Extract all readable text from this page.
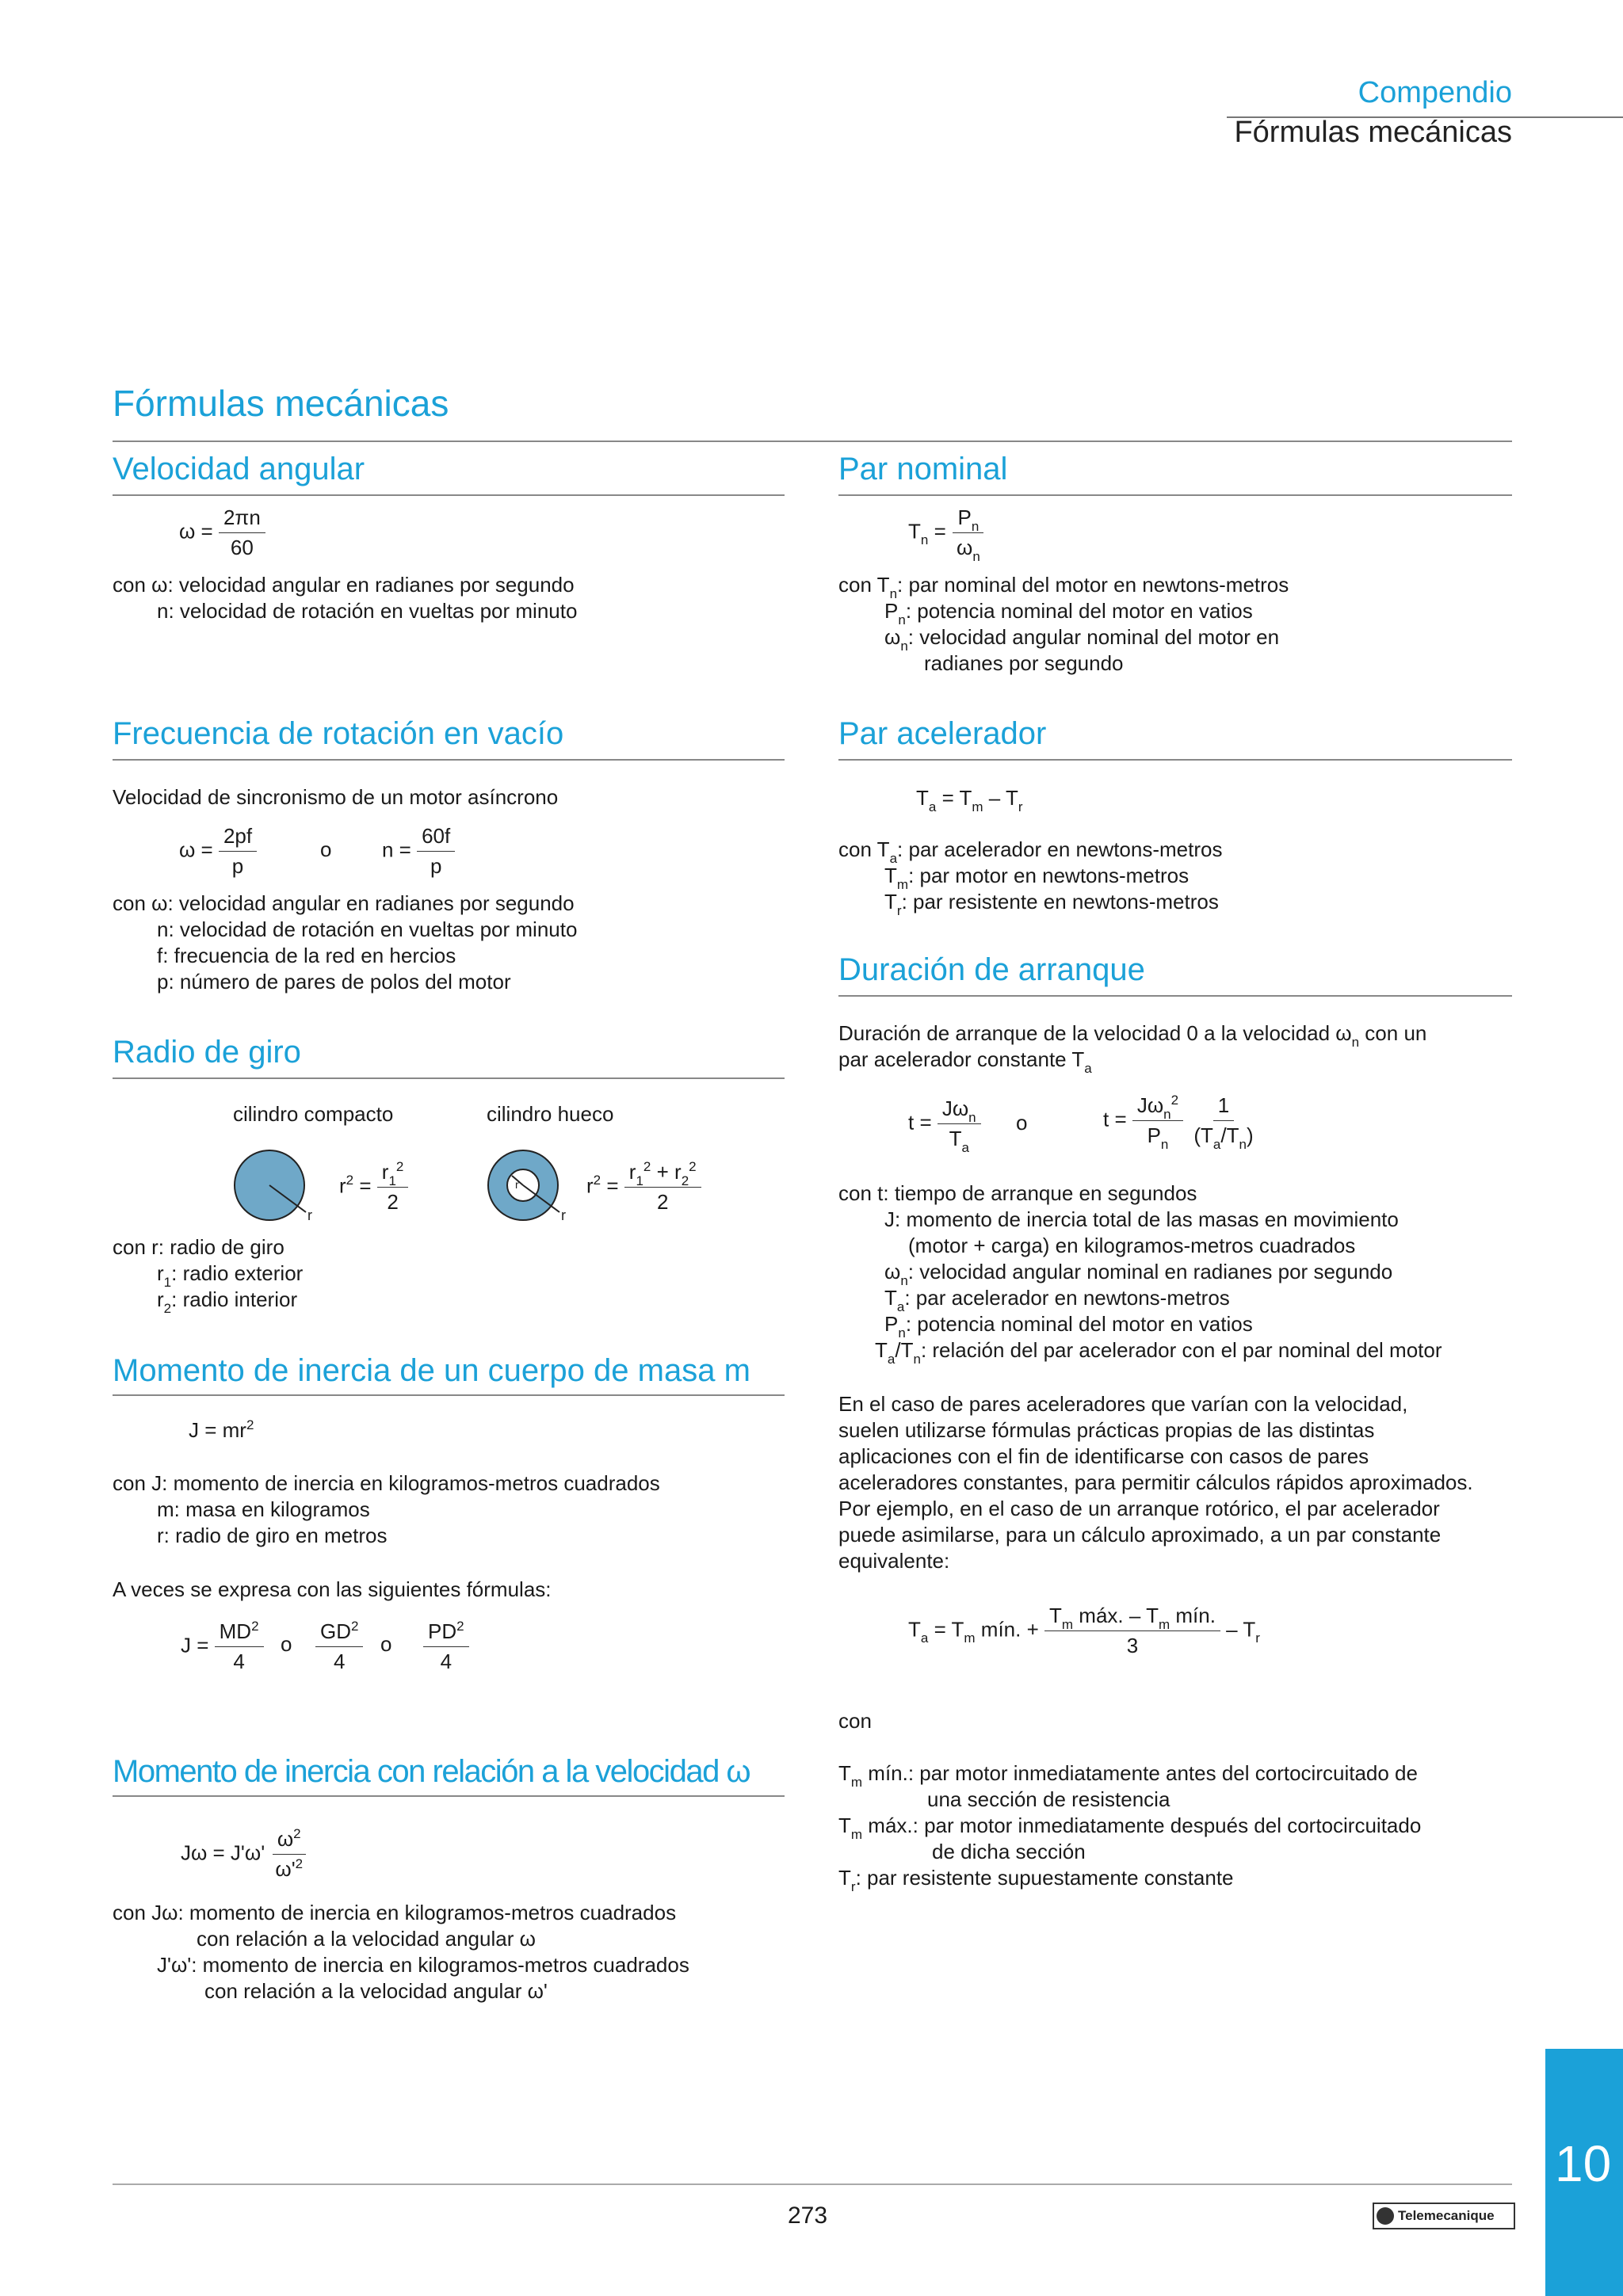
Compendio
Fórmulas mecánicas
Fórmulas mecánicas
Velocidad angular
$\omega = \frac{2\pi n}{60}$
con ω: velocidad angular en radianes por segundo
n: velocidad de rotación en vueltas por minuto
Frecuencia de rotación en vacío
Velocidad de sincronismo de un motor asíncrono
$\omega = \frac{2pf}{p}$	o $n = \frac{60f}{p}$
con ω: velocidad angular en radianes por segundo
n: velocidad de rotación en vueltas por minuto
f: frecuencia de la red en hercios
p: número de pares de polos del motor
Radio de giro
cilindro compacto	cilindro hueco
r
$r^2 = \frac{r_1^2}{2}$
r
r	$r^2 = \frac{r_1^2 + r_2^2}{2}$
con r: radio de giro
$r_1$: radio exterior
$r_2$: radio interior
Momento de inercia de un cuerpo de masa m
$J = mr^2$
con J: momento de inercia en kilogramos-metros cuadrados
m: masa en kilogramos
r: radio de giro en metros
A veces se expresa con las siguientes fórmulas:
$J = \frac{MD^2}{4}$ o $\frac{GD^2}{4}$ o $\frac{PD^2}{4}$
Momento de inercia con relación a la velocidad ω
$J\omega = J'\omega' \frac{\omega^2}{\omega'^2}$
con Jω: momento de inercia en kilogramos-metros cuadrados
con relación a la velocidad angular ω
J'ω': momento de inercia en kilogramos-metros cuadrados
con relación a la velocidad angular ω'
Par nominal
$T_n = \frac{P_n}{\omega_n}$
con $T_n$: par nominal del motor en newtons-metros
$P_n$: potencia nominal del motor en vatios
$\omega_n$: velocidad angular nominal del motor en
radianes por segundo
Par acelerador
$T_a = T_m - T_r$
con $T_a$: par acelerador en newtons-metros
$T_m$: par motor en newtons-metros
$T_r$: par resistente en newtons-metros
Duración de arranque
Duración de arranque de la velocidad 0 a la velocidad $\omega_n$ con un
par acelerador constante $T_a$
$t = \frac{J\omega_n}{T_a}$ o	$t = \frac{J\omega_n^2}{P_n}$
$\frac{1}{(T_a/T_n)}$
con t: tiempo de arranque en segundos
J: momento de inercia total de las masas en movimiento
(motor + carga) en kilogramos-metros cuadrados
$\omega_n$: velocidad angular nominal en radianes por segundo
$T_a$: par acelerador en newtons-metros
$P_n$: potencia nominal del motor en vatios
$T_a/T_n$: relación del par acelerador con el par nominal del motor
En el caso de pares aceleradores que varían con la velocidad,
suelen utilizarse fórmulas prácticas propias de las distintas
aplicaciones con el fin de identificarse con casos de pares
aceleradores constantes, para permitir cálculos rápidos aproximados.
Por ejemplo, en el caso de un arranque rotórico, el par acelerador
puede asimilarse, para un cálculo aproximado, a un par constante
equivalente:
$T_a = T_m$ mín. + $\frac{T_m máx. - T_m mín.}{3} - T_r$
con
$T_m$ mín.: par motor inmediatamente antes del cortocircuitado de
una sección de resistencia
$T_m$ máx.: par motor inmediatamente después del cortocircuitado
de dicha sección
$T_r$: par resistente supuestamente constante
273	Telemecanique
10
